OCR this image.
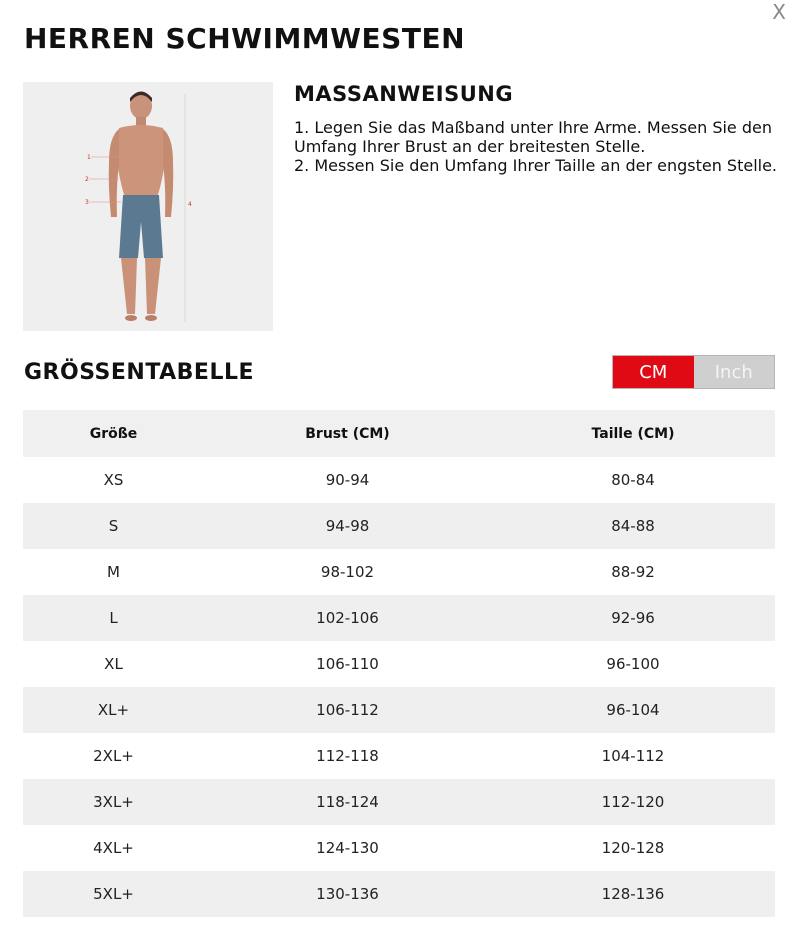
X
HERREN SCHWIMMWESTEN
1
2
3	4
MASSANWEISUNG

1. Legen Sie das Maßband unter Ihre Arme. Messen Sie den Umfang Ihrer Brust an der breitesten Stelle.

2. Messen Sie den Umfang Ihrer Taille an der engsten Stelle.

GRÖSSENTABELLE	CM	Inch
Größe	Brust (CM)	Taille (CM)
XS	90-94	80-84
S	94-98	84-88
M	98-102	88-92
L	102-106	92-96
XL	106-110	96-100
XL+	106-112	96-104
2XL+	112-118	104-112
3XL+	118-124	112-120
4XL+	124-130	120-128
5XL+	130-136	128-136
